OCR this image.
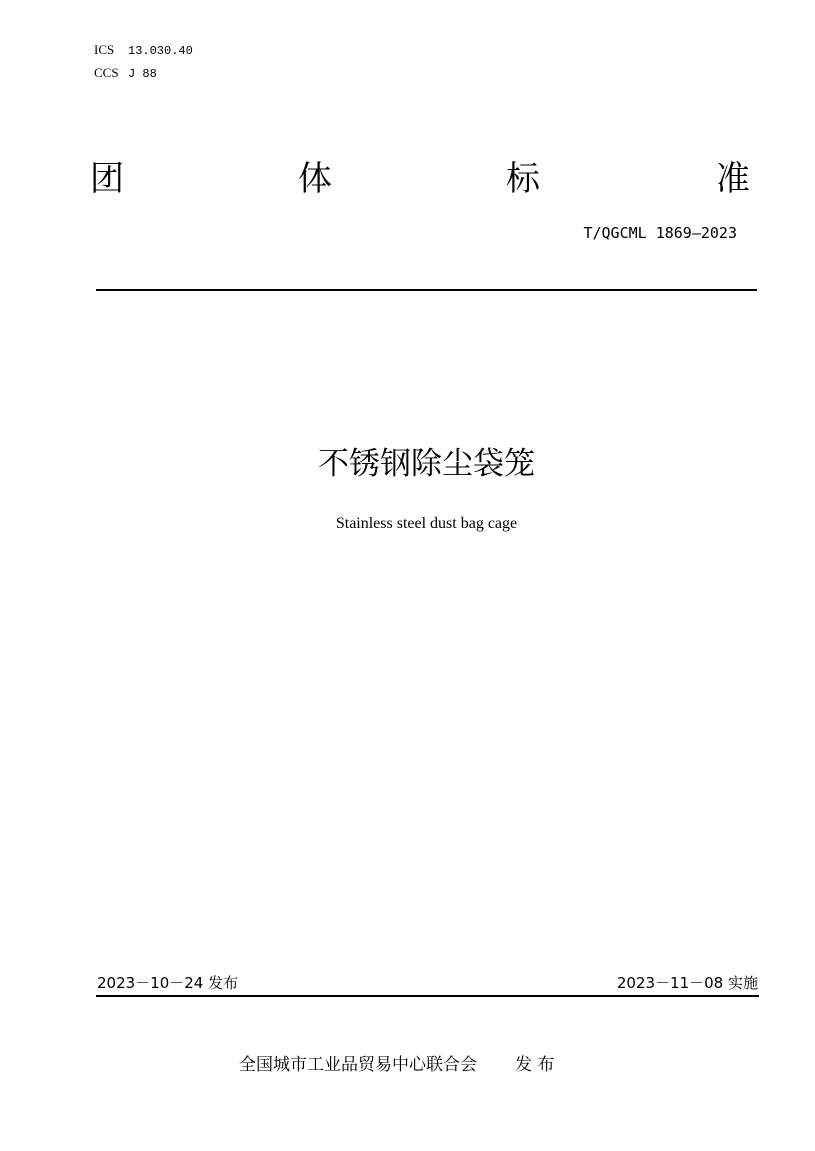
ICS 13.030.40
CCS J 88
团	体	标	准
T/QGCML 1869—2023
不锈钢除尘袋笼
Stainless steel dust bag cage
2023－10－24 发布	2023－11－08 实施
全国城市工业品贸易中心联合会 发 布
